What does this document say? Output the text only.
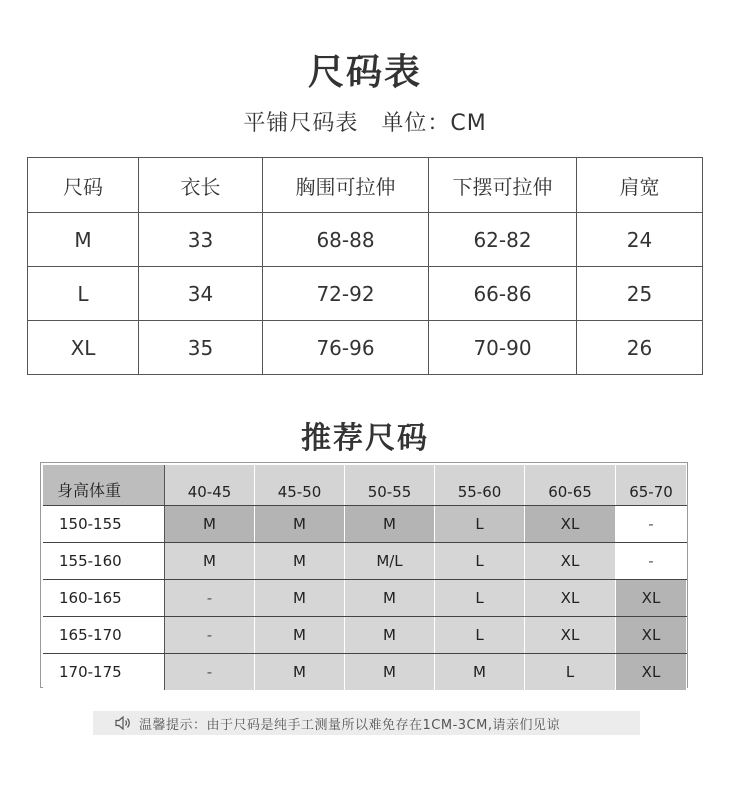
尺码表
平铺尺码表　单位：CM
尺码	衣长	胸围可拉伸	下摆可拉伸	肩宽
M	33	68-88	62-82	24
L	34	72-92	66-86	25
XL	35	76-96	70-90	26
推荐尺码
身高体重	40-45	45-50	50-55	55-60	60-65	65-70
150-155	M	M	M	L	XL	-
155-160	M	M	M/L	L	XL	-
160-165	-	M	M	L	XL	XL
165-170	-	M	M	L	XL	XL
170-175	-	M	M	M	L	XL
温馨提示：由于尺码是纯手工测量所以难免存在1CM-3CM,请亲们见谅
